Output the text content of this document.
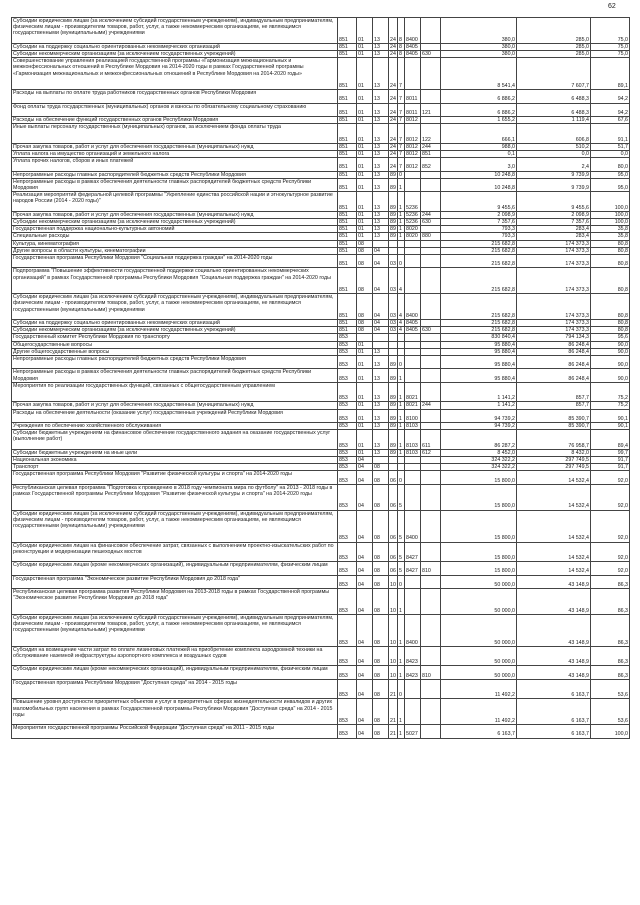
62
Субсидии юридическим лицам (за исключением субсидий государственным учреждениям), индивидуальным предпринимателям, физическим лицам - производителям товаров, работ, услуг, а также некоммерческим организациям, не являющимся государственными (муниципальными) учреждениями	851	01	13	24	8	8400		380,0	285,0	75,0
Субсидии на поддержку социально ориентированных некоммерческих организаций	851	01	13	24	8	8405		380,0	285,0	75,0
Субсидии некоммерческим организациям (за исключением государственных учреждений)	851	01	13	24	8	8405	630	380,0	285,0	75,0
Совершенствование управления реализацией государственной программы «Гармонизация межнациональных и межконфессиональных отношений в Республике Мордовия на 2014-2020 годы в рамках Государственной программы «Гармонизация межнациональных и межконфессиональных отношений в Республике Мордовия на 2014-2020 годы»	851	01	13	24	7			8 541,4	7 607,7	89,1
Расходы на выплаты по оплате труда работников государственных органов Республики Мордовия	851	01	13	24	7	8011		6 886,2	6 488,3	94,2
Фонд оплаты труда государственных (муниципальных) органов и взносы по обязательному социальному страхованию	851	01	13	24	7	8011	121	6 886,2	6 488,3	94,2
Расходы на обеспечение функций государственных органов Республики Мордовия	851	01	13	24	7	8012		1 655,2	1 119,4	67,6
Иные выплаты персоналу государственных (муниципальных) органов, за исключением фонда оплаты труда	851	01	13	24	7	8012	122	666,1	606,8	91,1
Прочая закупка товаров, работ и услуг для обеспечения государственных (муниципальных) нужд	851	01	13	24	7	8012	244	988,0	510,2	51,7
Уплата налога на имущество организаций и земельного налога	851	01	13	24	7	8012	851	0,1	0,0	0,0
Уплата прочих налогов, сборов и иных платежей	851	01	13	24	7	8012	852	3,0	2,4	80,0
Непрограммные расходы главных распорядителей бюджетных средств Республики Мордовия	851	01	13	89	0			10 248,8	9 739,9	95,0
Непрограммные расходы в рамках обеспечения деятельности главных распорядителей бюджетных средств Республики Мордовия	851	01	13	89	1			10 248,8	9 739,9	95,0
Реализация мероприятий федеральной целевой программы "Укрепление единства российской нации и этнокультурное развитие народов России (2014 - 2020 годы)"	851	01	13	89	1	5236		9 455,6	9 455,6	100,0
Прочая закупка товаров, работ и услуг для обеспечения государственных (муниципальных) нужд	851	01	13	89	1	5236	244	2 098,9	2 098,9	100,0
Субсидии некоммерческим организациям (за исключением государственных учреждений)	851	01	13	89	1	5236	630	7 357,6	7 357,6	100,0
Государственная поддержка национально-культурных автономий	851	01	13	89	1	8020		793,3	283,4	35,8
Специальные расходы	851	01	13	89	1	8020	880	793,3	283,4	35,8
Культура, кинематография	851	08						215 682,8	174 373,3	80,8
Другие вопросы в области культуры, кинематографии	851	08	04					215 682,8	174 373,3	80,8
Государственная программа Республики Мордовия "Социальная поддержка граждан" на 2014-2020 годы	851	08	04	03	0			215 682,8	174 373,3	80,8
Подпрограмма "Повышение эффективности государственной поддержки социально ориентированных некоммерческих организаций" в рамках Государственной программы Республики Мордовия "Социальная поддержка граждан" на 2014-2020 годы	851	08	04	03	4			215 682,8	174 373,3	80,8
Субсидии юридическим лицам (за исключением субсидий государственным учреждениям), индивидуальным предпринимателям, физическим лицам - производителям товаров, работ, услуг, а также некоммерческим организациям, не являющимся государственными (муниципальными) учреждениями	851	08	04	03	4	8400		215 682,8	174 373,3	80,8
Субсидии на поддержку социально ориентированных некоммерческих организаций	851	08	04	03	4	8405		215 682,8	174 373,3	80,8
Субсидии некоммерческим организациям (за исключением государственных учреждений)	851	08	04	03	4	8405	630	215 682,8	174 373,3	80,8
Государственный комитет Республики Мордовия по транспорту	853							830 840,4	794 134,3	95,6
Общегосударственные вопросы	853	01						95 880,4	86 248,4	90,0
Другие общегосударственные вопросы	853	01	13					95 880,4	86 248,4	90,0
Непрограммные расходы главных распорядителей бюджетных средств Республики Мордовия	853	01	13	89	0			95 880,4	86 248,4	90,0
Непрограммные расходы в рамках обеспечения деятельности главных распорядителей бюджетных средств Республики Мордовия	853	01	13	89	1			95 880,4	86 248,4	90,0
Мероприятия по реализации государственных функций, связанных с общегосударственным управлением	853	01	13	89	1	8021		1 141,2	857,7	75,2
Прочая закупка товаров, работ и услуг для обеспечения государственных (муниципальных) нужд	853	01	13	89	1	8021	244	1 141,2	857,7	75,2
Расходы на обеспечение деятельности (оказание услуг) государственных учреждений Республики Мордовия	853	01	13	89	1	8100		94 739,2	85 390,7	90,1
Учреждения по обеспечению хозяйственного обслуживания	853	01	13	89	1	8103		94 739,2	85 390,7	90,1
Субсидии бюджетным учреждениям на финансовое обеспечение государственного задания на оказание государственных услуг (выполнение работ)	853	01	13	89	1	8103	611	86 287,2	76 958,7	89,4
Субсидии бюджетным учреждениям на иные цели	853	01	13	89	1	8103	612	8 452,0	8 432,0	99,7
Национальная экономика	853	04						324 322,2	297 749,5	91,7
Транспорт	853	04	08					324 322,2	297 749,5	91,7
Государственная программа Республики Мордовия "Развитие физической культуры и спорта" на 2014-2020 годы	853	04	08	06	0			15 800,0	14 532,4	92,0
Республиканская целевая программа "Подготовка к проведению в 2018 году чемпионата мира по футболу" на 2013 - 2018 годы в рамках Государственной программы Республики Мордовия "Развитие физической культуры и спорта" на 2014-2020 годы	853	04	08	06	5			15 800,0	14 532,4	92,0
Субсидии юридическим лицам (за исключением субсидий государственным учреждениям), индивидуальным предпринимателям, физическим лицам - производителям товаров, работ, услуг, а также некоммерческим организациям, не являющимся государственными (муниципальными) учреждениями	853	04	08	06	5	8400		15 800,0	14 532,4	92,0
Субсидии юридическим лицам на финансовое обеспечение затрат, связанных с выполнением проектно-изыскательских работ по реконструкции и модернизации пешеходных мостов	853	04	08	06	5	8427		15 800,0	14 532,4	92,0
Субсидии юридическим лицам (кроме некоммерческих организаций), индивидуальным предпринимателям, физическим лицам	853	04	08	06	5	8427	810	15 800,0	14 532,4	92,0
Государственная программа "Экономическое развитие Республики Мордовия до 2018 года"	853	04	08	10	0			50 000,0	43 148,9	86,3
Республиканская целевая программа развития Республики Мордовия на 2013-2018 годы в рамках Государственной программы "Экономическое развитие Республики Мордовия до 2018 года"	853	04	08	10	1			50 000,0	43 148,9	86,3
Субсидии юридическим лицам (за исключением субсидий государственным учреждениям), индивидуальным предпринимателям, физическим лицам - производителям товаров, работ, услуг, а также некоммерческим организациям, не являющимся государственными (муниципальными) учреждениями	853	04	08	10	1	8400		50 000,0	43 148,9	86,3
Субсидия на возмещение части затрат по оплате лизинговых платежей на приобретение комплекта аэродромной техники на обслуживание наземной инфраструктуры аэропортного комплекса и воздушных судов	853	04	08	10	1	8423		50 000,0	43 148,9	86,3
Субсидии юридическим лицам (кроме некоммерческих организаций), индивидуальным предпринимателям, физическим лицам	853	04	08	10	1	8423	810	50 000,0	43 148,9	86,3
Государственная программа Республики Мордовия "Доступная среда" на 2014 - 2015 годы	853	04	08	21	0			11 492,2	6 163,7	53,6
Повышение уровня доступности приоритетных объектов и услуг в приоритетных сферах жизнедеятельности инвалидов и других маломобильных групп населения в рамках Государственной программы Республики Мордовия "Доступная среда" на 2014 - 2015 годы	853	04	08	21	1			11 492,2	6 163,7	53,6
Мероприятия государственной программы Российской Федерации "Доступная среда" на 2011 - 2015 годы	853	04	08	21	1	5027		6 163,7	6 163,7	100,0
